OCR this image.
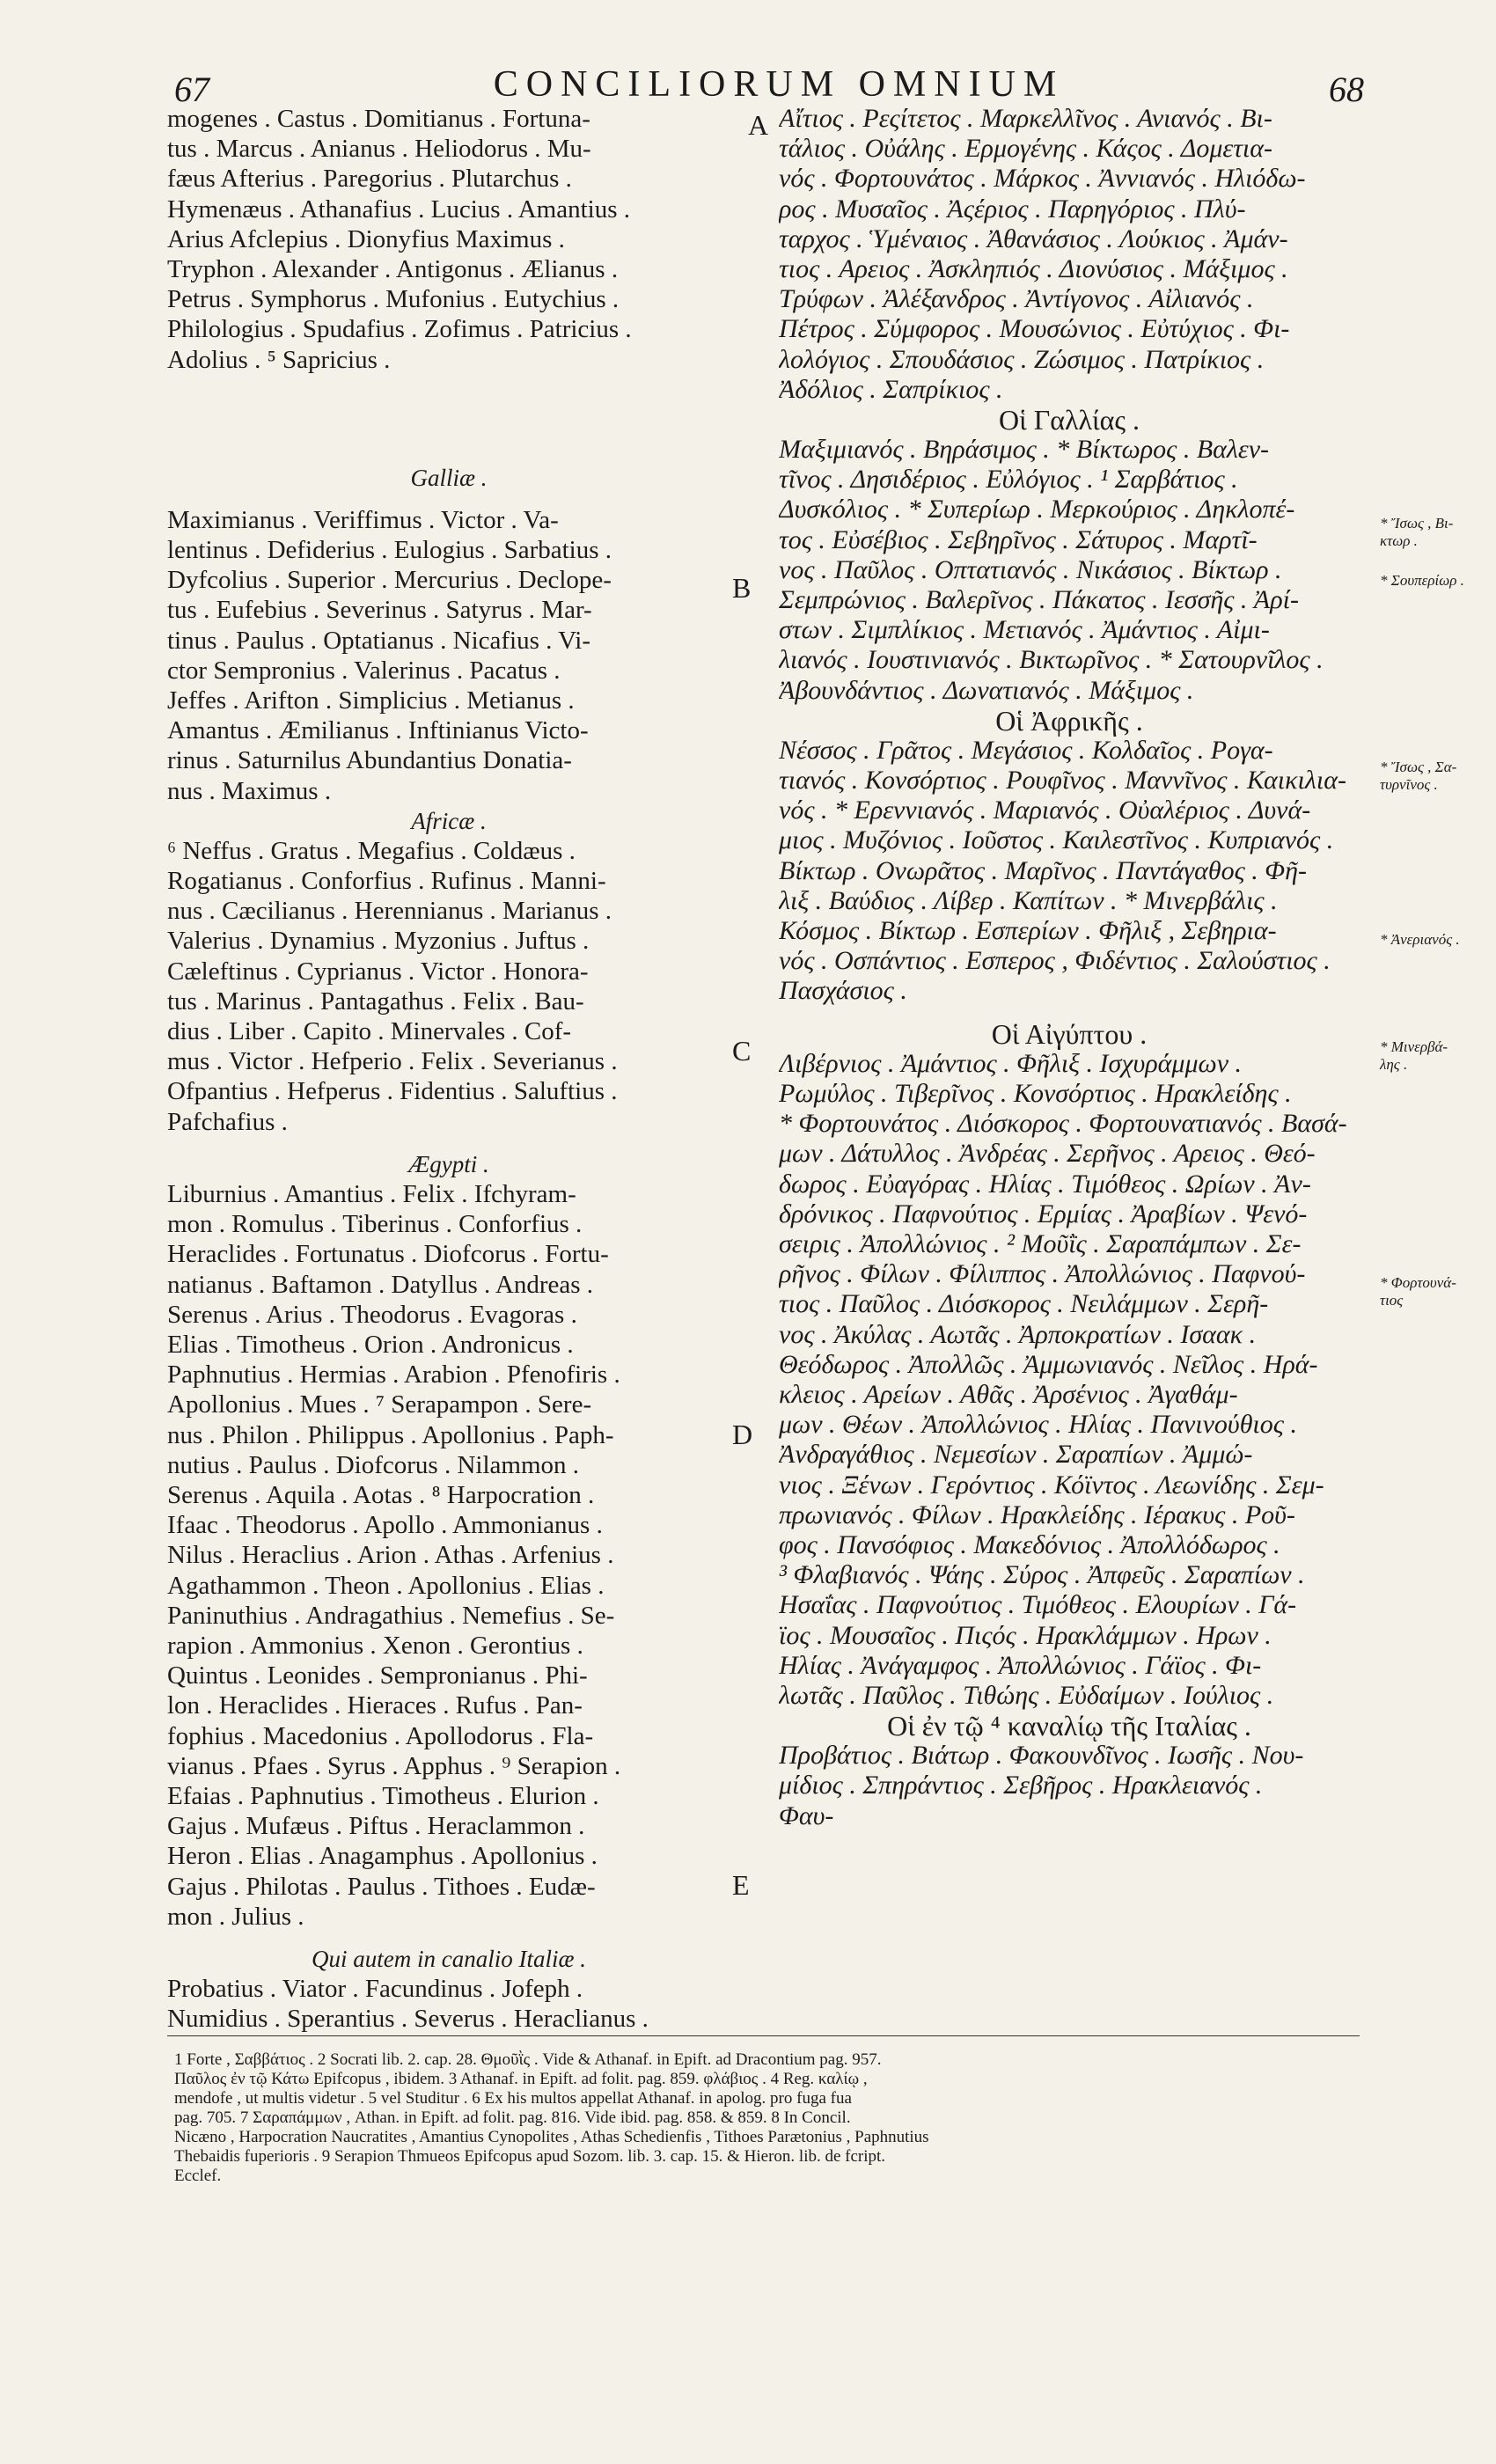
67	CONCILIORUM OMNIUM	68
mogenes . Castus . Domitianus . Fortuna-
tus . Marcus . Anianus . Heliodorus . Mu-
fæus Afterius . Paregorius . Plutarchus .
Hymenæus . Athanafius . Lucius . Amantius .
Arius Afclepius . Dionyfius Maximus .
Tryphon . Alexander . Antigonus . Ælianus .
Petrus . Symphorus . Mufonius . Eutychius .
Philologius . Spudafius . Zofimus . Patricius .
Adolius . ⁵ Sapricius .
Galliæ .
Maximianus . Veriffimus . Victor . Va-
lentinus . Defiderius . Eulogius . Sarbatius .
Dyfcolius . Superior . Mercurius . Declope-
tus . Eufebius . Severinus . Satyrus . Mar-
tinus . Paulus . Optatianus . Nicafius . Vi-
ctor Sempronius . Valerinus . Pacatus .
Jeffes . Arifton . Simplicius . Metianus .
Amantus . Æmilianus . Inftinianus Victo-
rinus . Saturnilus Abundantius Donatia-
nus . Maximus .
Africæ .
⁶ Neffus . Gratus . Megafius . Coldæus .
Rogatianus . Conforfius . Rufinus . Manni-
nus . Cæcilianus . Herennianus . Marianus .
Valerius . Dynamius . Myzonius . Juftus .
Cæleftinus . Cyprianus . Victor . Honora-
tus . Marinus . Pantagathus . Felix . Bau-
dius . Liber . Capito . Minervales . Cof-
mus . Victor . Hefperio . Felix . Severianus .
Ofpantius . Hefperus . Fidentius . Saluftius .
Pafchafius .
Ægypti .
Liburnius . Amantius . Felix . Ifchyram-
mon . Romulus . Tiberinus . Conforfius .
Heraclides . Fortunatus . Diofcorus . Fortu-
natianus . Baftamon . Datyllus . Andreas .
Serenus . Arius . Theodorus . Evagoras .
Elias . Timotheus . Orion . Andronicus .
Paphnutius . Hermias . Arabion . Pfenofiris .
Apollonius . Mues . ⁷ Serapampon . Sere-
nus . Philon . Philippus . Apollonius . Paph-
nutius . Paulus . Diofcorus . Nilammon .
Serenus . Aquila . Aotas . ⁸ Harpocration .
Ifaac . Theodorus . Apollo . Ammonianus .
Nilus . Heraclius . Arion . Athas . Arfenius .
Agathammon . Theon . Apollonius . Elias .
Paninuthius . Andragathius . Nemefius . Se-
rapion . Ammonius . Xenon . Gerontius .
Quintus . Leonides . Sempronianus . Phi-
lon . Heraclides . Hieraces . Rufus . Pan-
fophius . Macedonius . Apollodorus . Fla-
vianus . Pfaes . Syrus . Apphus . ⁹ Serapion .
Efaias . Paphnutius . Timotheus . Elurion .
Gajus . Mufæus . Piftus . Heraclammon .
Heron . Elias . Anagamphus . Apollonius .
Gajus . Philotas . Paulus . Tithoes . Eudæ-
mon . Julius .
Qui autem in canalio Italiæ .
Probatius . Viator . Facundinus . Jofeph .
Numidius . Sperantius . Severus . Heraclianus .
Αἴτιος . Ρεςίτετος . Μαρκελλῖνος . Ανιανός . Βι-
τάλιος . Οὐάλης . Ερμογένης . Κάςος . Δομετια-
νός . Φορτουνάτος . Μάρκος . Ἀννιανός . Ηλιόδω-
ρος . Μυσαῖος . Ἀςέριος . Παρηγόριος . Πλύ-
ταρχος . Ὑμέναιος . Ἀθανάσιος . Λούκιος . Ἀμάν-
τιος . Αρειος . Ἀσκληπιός . Διονύσιος . Μάξιμος .
Τρύφων . Ἀλέξανδρος . Ἀντίγονος . Αἰλιανός .
Πέτρος . Σύμφορος . Μουσώνιος . Εὐτύχιος . Φι-
λολόγιος . Σπουδάσιος . Ζώσιμος . Πατρίκιος .
Ἀδόλιος . Σαπρίκιος .
Οἱ Γαλλίας .
Μαξιμιανός . Βηράσιμος . * Βίκτωρος . Βαλεν-
τῖνος . Δησιδέριος . Εὐλόγιος . ¹ Σαρβάτιος .
Δυσκόλιος . * Συπερίωρ . Μερκούριος . Δηκλοπέ-
τος . Εὐσέβιος . Σεβηρῖνος . Σάτυρος . Μαρτῖ-
νος . Παῦλος . Οπτατιανός . Νικάσιος . Βίκτωρ .
Σεμπρώνιος . Βαλερῖνος . Πάκατος . Ιεσσῆς . Ἀρί-
στων . Σιμπλίκιος . Μετιανός . Ἀμάντιος . Αἰμι-
λιανός . Ιουστινιανός . Βικτωρῖνος . * Σατουρνῖλος .
Ἀβουνδάντιος . Δωνατιανός . Μάξιμος .
Οἱ Ἀφρικῆς .
Νέσσος . Γρᾶτος . Μεγάσιος . Κολδαῖος . Ρογα-
τιανός . Κονσόρτιος . Ρουφῖνος . Μαννῖνος . Καικιλια-
νός . * Ερεννιανός . Μαριανός . Οὐαλέριος . Δυνά-
μιος . Μυζόνιος . Ιοῦστος . Καιλεστῖνος . Κυπριανός .
Βίκτωρ . Ονωρᾶτος . Μαρῖνος . Παντάγαθος . Φῆ-
λιξ . Βαύδιος . Λίβερ . Καπίτων . * Μινερβάλις .
Κόσμος . Βίκτωρ . Εσπερίων . Φῆλιξ , Σεβηρια-
νός . Οσπάντιος . Εσπερος , Φιδέντιος . Σαλούστιος .
Πασχάσιος .
Οἱ Αἰγύπτου .
Λιβέρνιος . Ἀμάντιος . Φῆλιξ . Ισχυράμμων .
Ρωμύλος . Τιβερῖνος . Κονσόρτιος . Ηρακλείδης .
* Φορτουνάτος . Διόσκορος . Φορτουνατιανός . Βασά-
μων . Δάτυλλος . Ἀνδρέας . Σερῆνος . Αρειος . Θεό-
δωρος . Εὐαγόρας . Ηλίας . Τιμόθεος . Ωρίων . Ἀν-
δρόνικος . Παφνούτιος . Ερμίας . Ἀραβίων . Ψενό-
σειρις . Ἀπολλώνιος . ² Μοῦῒς . Σαραπάμπων . Σε-
ρῆνος . Φίλων . Φίλιππος . Ἀπολλώνιος . Παφνού-
τιος . Παῦλος . Διόσκορος . Νειλάμμων . Σερῆ-
νος . Ἀκύλας . Αωτᾶς . Ἀρποκρατίων . Ισαακ .
Θεόδωρος . Ἀπολλῶς . Ἀμμωνιανός . Νεῖλος . Ηρά-
κλειος . Αρείων . Αθᾶς . Ἀρσένιος . Ἀγαθάμ-
μων . Θέων . Ἀπολλώνιος . Ηλίας . Πανινούθιος .
Ἀνδραγάθιος . Νεμεσίων . Σαραπίων . Ἀμμώ-
νιος . Ξένων . Γερόντιος . Κόϊντος . Λεωνίδης . Σεμ-
πρωνιανός . Φίλων . Ηρακλείδης . Ιέρακυς . Ροῦ-
φος . Πανσόφιος . Μακεδόνιος . Ἀπολλόδωρος .
³ Φλαβιανός . Ψάης . Σύρος . Ἀπφεῦς . Σαραπίων .
Ησαΐας . Παφνούτιος . Τιμόθεος . Ελουρίων . Γά-
ϊος . Μουσαῖος . Πιςός . Ηρακλάμμων . Ηρων .
Ηλίας . Ἀνάγαμφος . Ἀπολλώνιος . Γάϊος . Φι-
λωτᾶς . Παῦλος . Τιθώης . Εὐδαίμων . Ιούλιος .
Οἱ ἐν τῷ ⁴ καναλίῳ τῆς Ιταλίας .
Προβάτιος . Βιάτωρ . Φακουνδῖνος . Ιωσῆς . Νου-
μίδιος . Σπηράντιος . Σεβῆρος . Ηρακλειανός .
Φαυ-
A
B
C
D
E
* Ἴσως , Βι-
κτωρ .
* Σουπερίωρ .
* Ἴσως , Σα-
τυρνῖνος .
* Ἀνεριανός .
* Μινερβά-
λης .
* Φορτουνά-
τιος
1 Forte , Σαββάτιος . 2 Socrati lib. 2. cap. 28. Θμοῦῒς . Vide & Athanaf. in Epift. ad Dracontium pag. 957.
Παῦλος ἐν τῷ Κάτω Epifcopus , ibidem. 3 Athanaf. in Epift. ad folit. pag. 859. φλάβιος . 4 Reg. καλίῳ ,
mendofe , ut multis videtur . 5 vel Studitur . 6 Ex his multos appellat Athanaf. in apolog. pro fuga fua
pag. 705. 7 Σαραπάμμων , Athan. in Epift. ad folit. pag. 816. Vide ibid. pag. 858. & 859. 8 In Concil.
Nicæno , Harpocration Naucratites , Amantius Cynopolites , Athas Schedienfis , Tithoes Parætonius , Paphnutius
Thebaidis fuperioris . 9 Serapion Thmueos Epifcopus apud Sozom. lib. 3. cap. 15. & Hieron. lib. de fcript.
Ecclef.
